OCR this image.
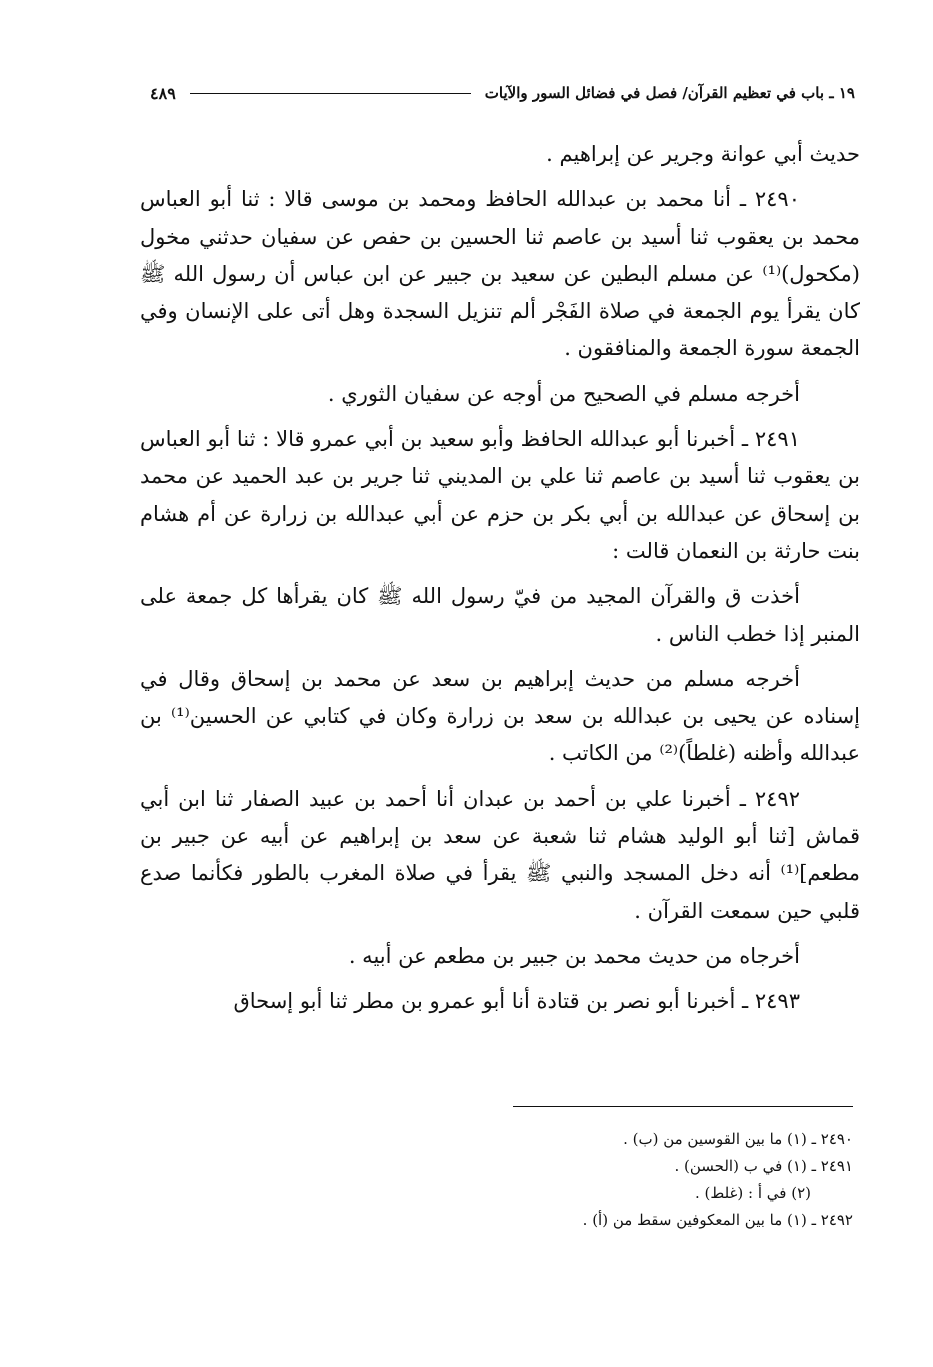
١٩ ـ باب في تعظيم القرآن/ فصل في فضائل السور والآيات
٤٨٩

حديث أبي عوانة وجرير عن إبراهيم .

٢٤٩٠ ـ أنا محمد بن عبدالله الحافظ ومحمد بن موسى قالا : ثنا أبو العباس محمد بن يعقوب ثنا أسيد بن عاصم ثنا الحسين بن حفص عن سفيان حدثني مخول (مكحول)⁽¹⁾ عن مسلم البطين عن سعيد بن جبير عن ابن عباس أن رسول الله ﷺ كان يقرأ يوم الجمعة في صلاة الفَجْر ألم تنزيل السجدة وهل أتى على الإنسان وفي الجمعة سورة الجمعة والمنافقون .

أخرجه مسلم في الصحيح من أوجه عن سفيان الثوري .

٢٤٩١ ـ أخبرنا أبو عبدالله الحافظ وأبو سعيد بن أبي عمرو قالا : ثنا أبو العباس بن يعقوب ثنا أسيد بن عاصم ثنا علي بن المديني ثنا جرير بن عبد الحميد عن محمد بن إسحاق عن عبدالله بن أبي بكر بن حزم عن أبي عبدالله بن زرارة عن أم هشام بنت حارثة بن النعمان قالت :

أخذت ق والقرآن المجيد من فيّ رسول الله ﷺ كان يقرأها كل جمعة على المنبر إذا خطب الناس .

أخرجه مسلم من حديث إبراهيم بن سعد عن محمد بن إسحاق وقال في إسناده عن يحيى بن عبدالله بن سعد بن زرارة وكان في كتابي عن الحسين⁽¹⁾ بن عبدالله وأظنه (غلطاً)⁽²⁾ من الكاتب .

٢٤٩٢ ـ أخبرنا علي بن أحمد بن عبدان أنا أحمد بن عبيد الصفار ثنا ابن أبي قماش [ثنا أبو الوليد هشام ثنا شعبة عن سعد بن إبراهيم عن أبيه عن جبير بن مطعم]⁽¹⁾ أنه دخل المسجد والنبي ﷺ يقرأ في صلاة المغرب بالطور فكأنما صدع قلبي حين سمعت القرآن .

أخرجاه من حديث محمد بن جبير بن مطعم عن أبيه .

٢٤٩٣ ـ أخبرنا أبو نصر بن قتادة أنا أبو عمرو بن مطر ثنا أبو إسحاق

٢٤٩٠ ـ (١) ما بين القوسين من (ب) .

٢٤٩١ ـ (١) في ب (الحسن) .

(٢) في أ : (غلط) .

٢٤٩٢ ـ (١) ما بين المعكوفين سقط من (أ) .
